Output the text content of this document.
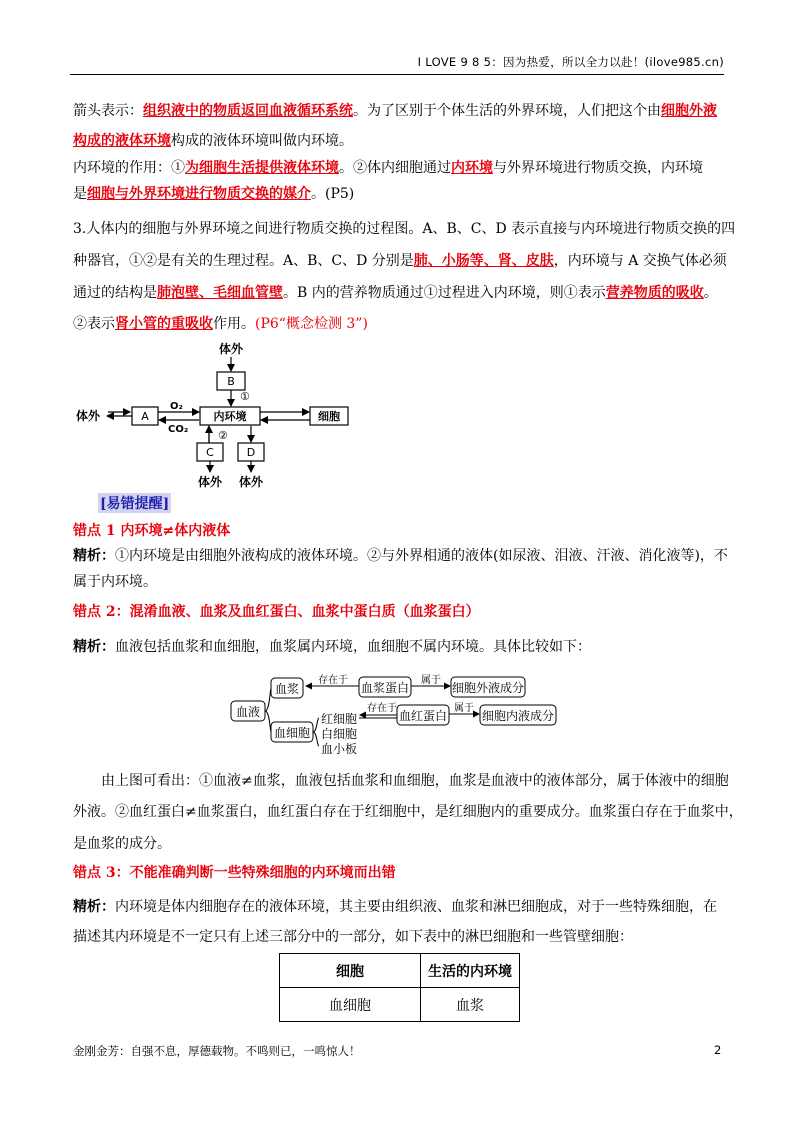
I LOVE 9 8 5：因为热爱，所以全力以赴！(ilove985.cn)
箭头表示：组织液中的物质返回血液循环系统。为了区别于个体生活的外界环境，人们把这个由细胞外液
构成的液体环境构成的液体环境叫做内环境。
内环境的作用：①为细胞生活提供液体环境。②体内细胞通过内环境与外界环境进行物质交换，内环境
是细胞与外界环境进行物质交换的媒介。(P5)
3.人体内的细胞与外界环境之间进行物质交换的过程图。A、B、C、D 表示直接与内环境进行物质交换的四
种器官，①②是有关的生理过程。A、B、C、D 分别是肺、小肠等、肾、皮肤，内环境与 A 交换气体必须
通过的结构是肺泡壁、毛细血管壁。B 内的营养物质通过①过程进入内环境，则①表示营养物质的吸收。
②表示肾小管的重吸收作用。(P6“概念检测 3”)
体外
B
①
内环境
体外	A
O₂
CO₂
细胞
②
C	D
体外 体外
[易错提醒]
错点 1 内环境≠体内液体
精析：①内环境是由细胞外液构成的液体环境。②与外界相通的液体(如尿液、泪液、汗液、消化液等)，不
属于内环境。
错点 2：混淆血液、血浆及血红蛋白、血浆中蛋白质（血浆蛋白）
精析：血液包括血浆和血细胞，血浆属内环境，血细胞不属内环境。具体比较如下：
血液
血浆
血细胞
红细胞
白细胞
血小板
存在于
血浆蛋白
属于
细胞外液成分
存在于
血红蛋白
属于
细胞内液成分
由上图可看出：①血液≠血浆，血液包括血浆和血细胞，血浆是血液中的液体部分，属于体液中的细胞
外液。②血红蛋白≠血浆蛋白，血红蛋白存在于红细胞中，是红细胞内的重要成分。血浆蛋白存在于血浆中，
是血浆的成分。
错点 3：不能准确判断一些特殊细胞的内环境而出错
精析：内环境是体内细胞存在的液体环境，其主要由组织液、血浆和淋巴细胞成，对于一些特殊细胞，在
描述其内环境是不一定只有上述三部分中的一部分，如下表中的淋巴细胞和一些管壁细胞：
细胞	生活的内环境
血细胞	血浆
金刚金芳：自强不息，厚德载物。不鸣则已，一鸣惊人！	2
